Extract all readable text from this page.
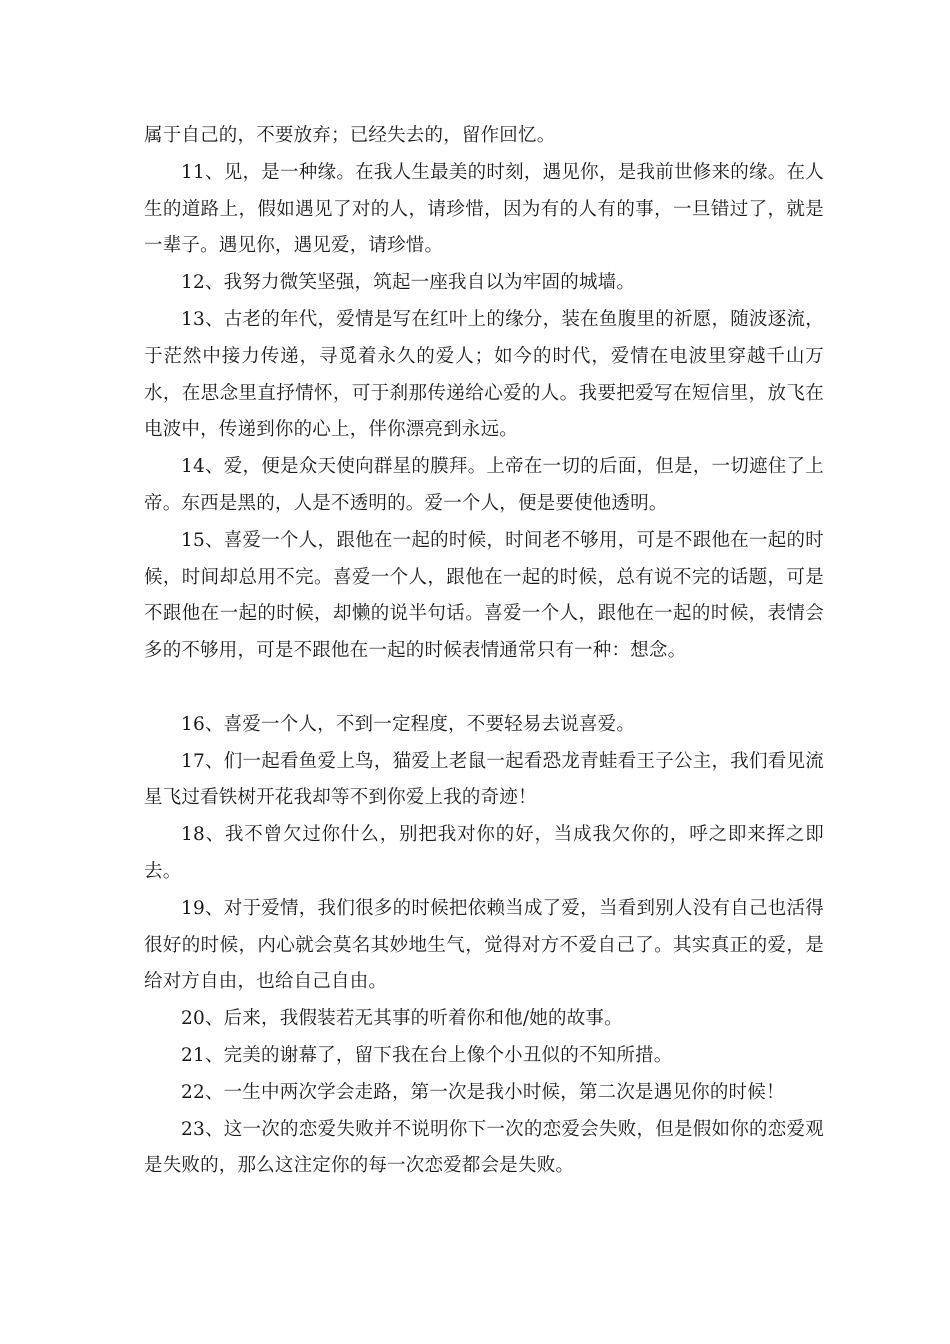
属于自己的，不要放弃；已经失去的，留作回忆。

11、见，是一种缘。在我人生最美的时刻，遇见你，是我前世修来的缘。在人生的道路上，假如遇见了对的人，请珍惜，因为有的人有的事，一旦错过了，就是一辈子。遇见你，遇见爱，请珍惜。

12、我努力微笑坚强，筑起一座我自以为牢固的城墙。

13、古老的年代，爱情是写在红叶上的缘分，装在鱼腹里的祈愿，随波逐流，于茫然中接力传递，寻觅着永久的爱人；如今的时代，爱情在电波里穿越千山万水，在思念里直抒情怀，可于刹那传递给心爱的人。我要把爱写在短信里，放飞在电波中，传递到你的心上，伴你漂亮到永远。

14、爱，便是众天使向群星的膜拜。上帝在一切的后面，但是，一切遮住了上帝。东西是黑的，人是不透明的。爱一个人，便是要使他透明。

15、喜爱一个人，跟他在一起的时候，时间老不够用，可是不跟他在一起的时候，时间却总用不完。喜爱一个人，跟他在一起的时候，总有说不完的话题，可是不跟他在一起的时候，却懒的说半句话。喜爱一个人，跟他在一起的时候，表情会多的不够用，可是不跟他在一起的时候表情通常只有一种：想念。

16、喜爱一个人，不到一定程度，不要轻易去说喜爱。

17、们一起看鱼爱上鸟，猫爱上老鼠一起看恐龙青蛙看王子公主，我们看见流星飞过看铁树开花我却等不到你爱上我的奇迹！

18、我不曾欠过你什么，别把我对你的好，当成我欠你的，呼之即来挥之即去。

19、对于爱情，我们很多的时候把依赖当成了爱，当看到别人没有自己也活得很好的时候，内心就会莫名其妙地生气，觉得对方不爱自己了。其实真正的爱，是给对方自由，也给自己自由。

20、后来，我假装若无其事的听着你和他/她的故事。

21、完美的谢幕了，留下我在台上像个小丑似的不知所措。

22、一生中两次学会走路，第一次是我小时候，第二次是遇见你的时候！

23、这一次的恋爱失败并不说明你下一次的恋爱会失败，但是假如你的恋爱观是失败的，那么这注定你的每一次恋爱都会是失败。
